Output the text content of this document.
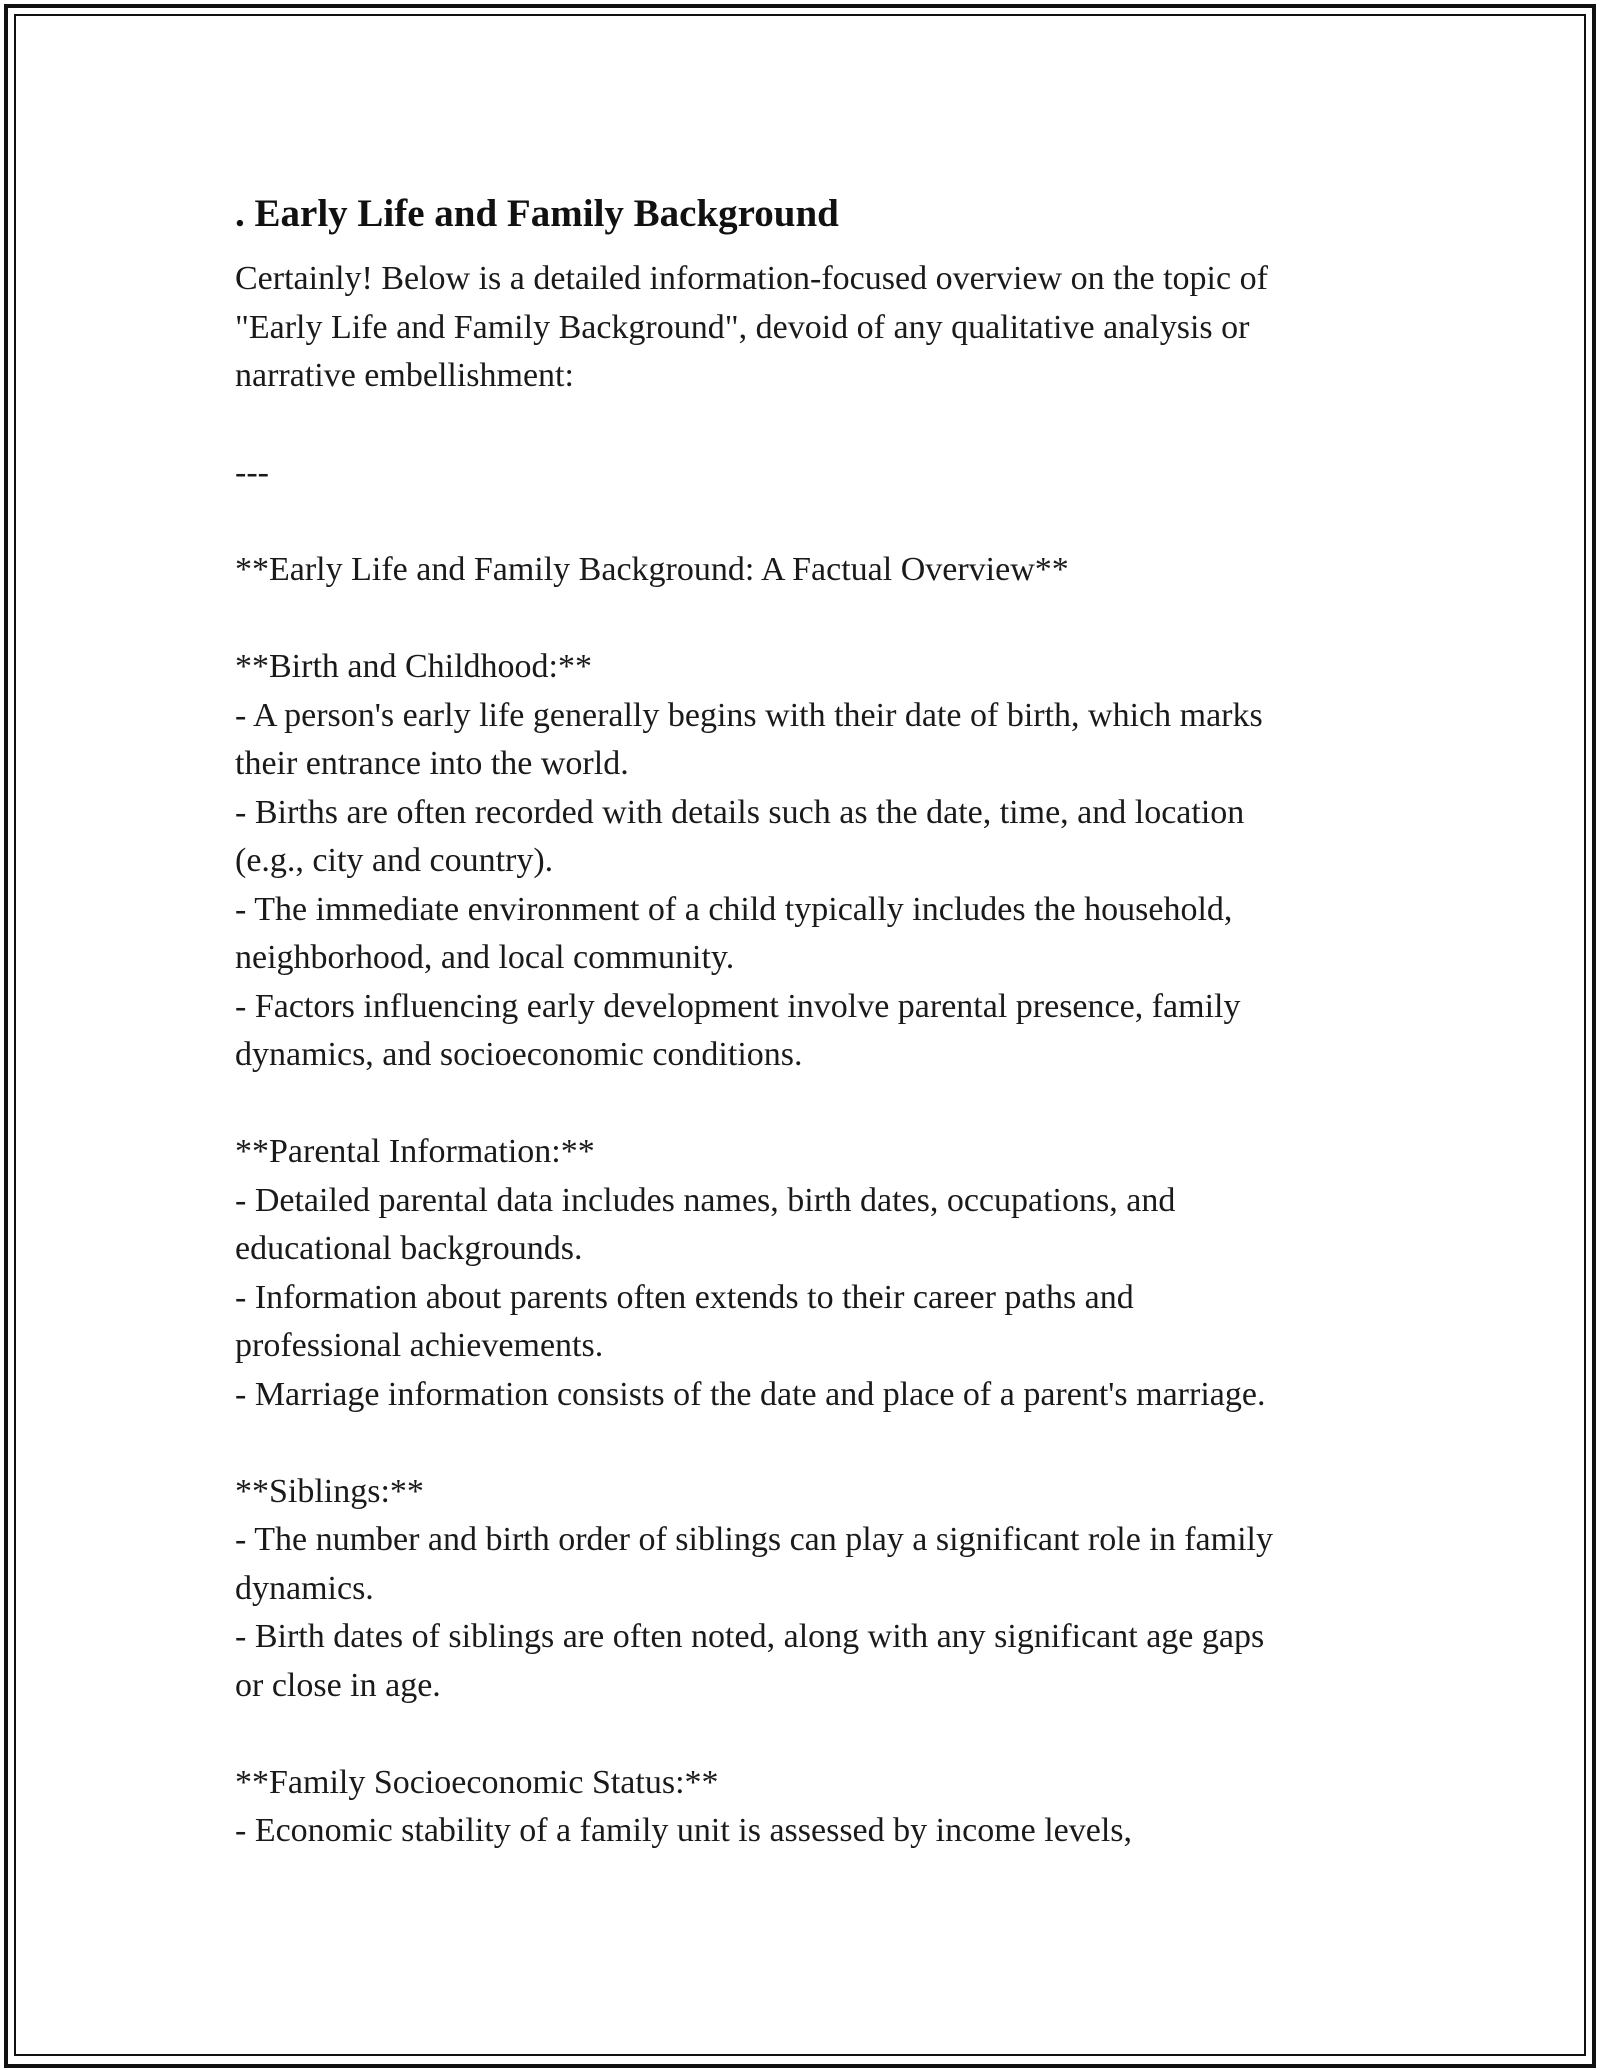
. Early Life and Family Background

Certainly! Below is a detailed information-focused overview on the topic of

"Early Life and Family Background", devoid of any qualitative analysis or

narrative embellishment:

---

**Early Life and Family Background: A Factual Overview**

**Birth and Childhood:**

- A person's early life generally begins with their date of birth, which marks

their entrance into the world.

- Births are often recorded with details such as the date, time, and location

(e.g., city and country).

- The immediate environment of a child typically includes the household,

neighborhood, and local community.

- Factors influencing early development involve parental presence, family

dynamics, and socioeconomic conditions.

**Parental Information:**

- Detailed parental data includes names, birth dates, occupations, and

educational backgrounds.

- Information about parents often extends to their career paths and

professional achievements.

- Marriage information consists of the date and place of a parent's marriage.

**Siblings:**

- The number and birth order of siblings can play a significant role in family

dynamics.

- Birth dates of siblings are often noted, along with any significant age gaps

or close in age.

**Family Socioeconomic Status:**

- Economic stability of a family unit is assessed by income levels,
